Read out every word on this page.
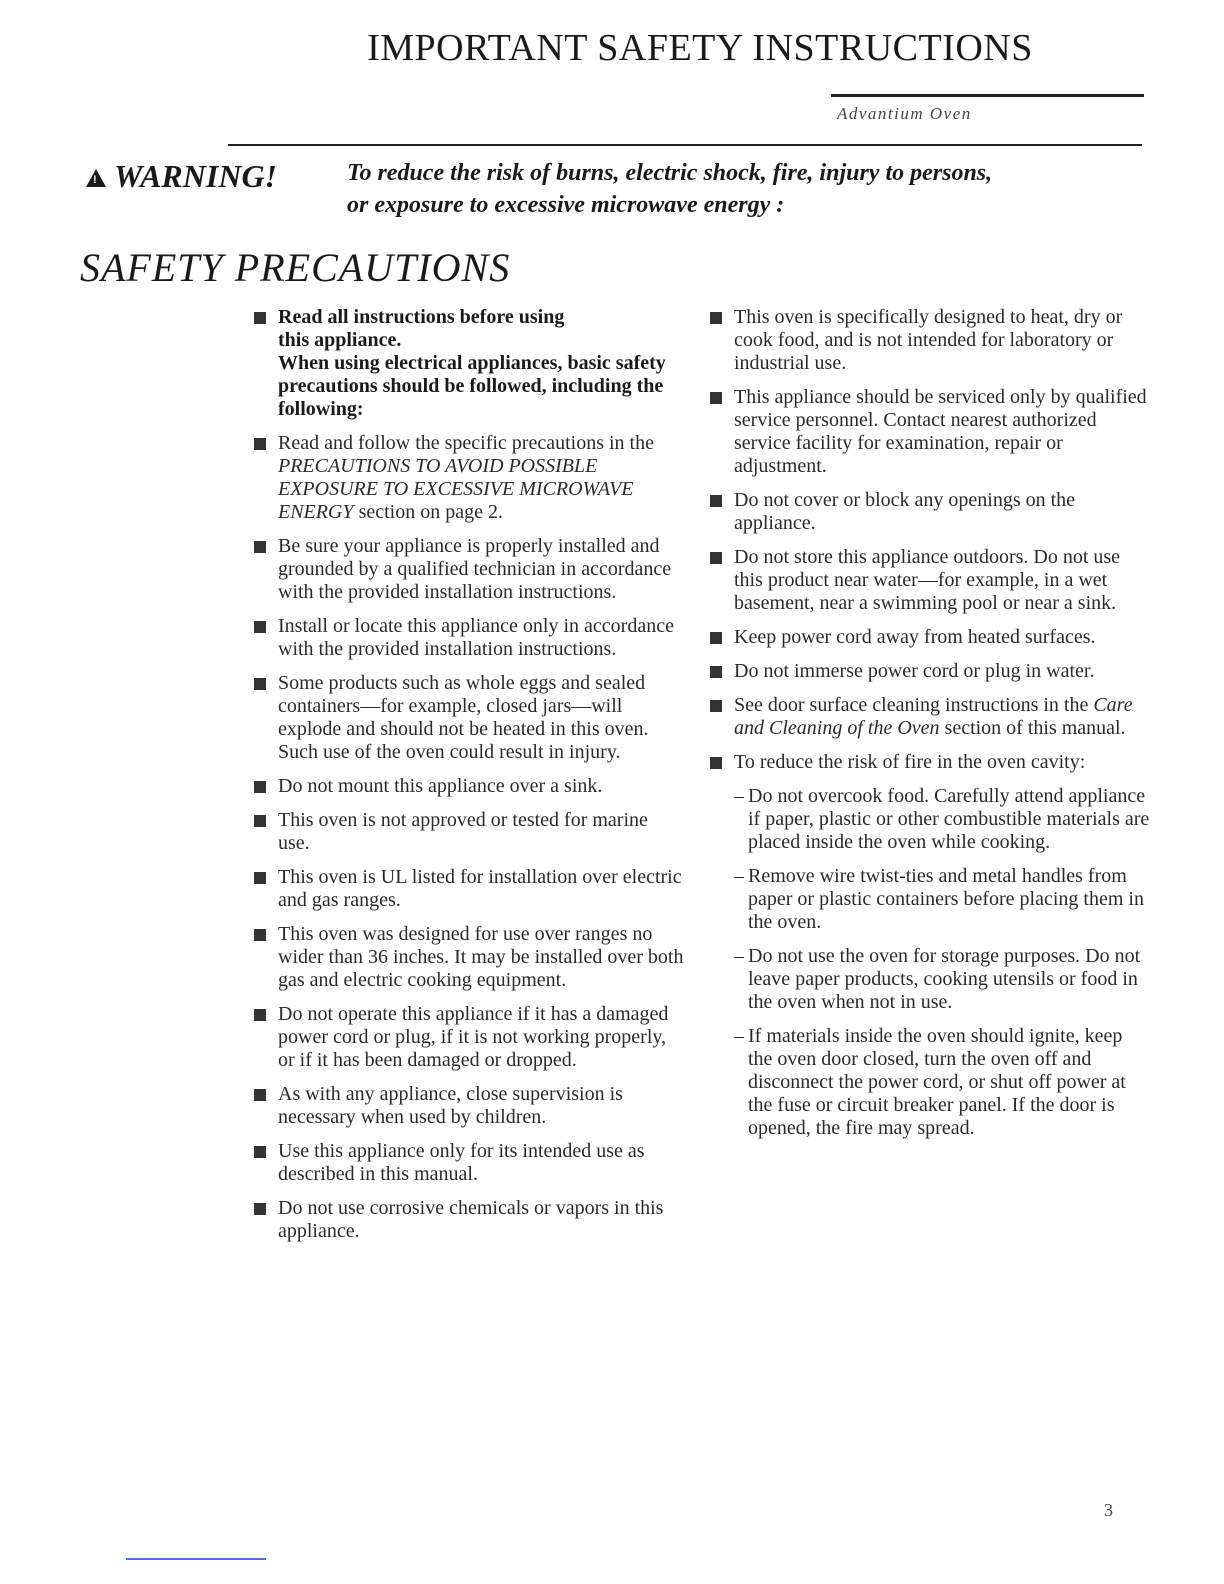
IMPORTANT SAFETY INSTRUCTIONS
Advantium Oven
!
WARNING!	To reduce the risk of burns, electric shock, fire, injury to persons,
or exposure to excessive microwave energy :
SAFETY PRECAUTIONS
Read all instructions before using
this appliance.
When using electrical appliances, basic safety precautions should be followed, including the following:
Read and follow the specific precautions in the PRECAUTIONS TO AVOID POSSIBLE EXPOSURE TO EXCESSIVE MICROWAVE ENERGY section on page 2.
Be sure your appliance is properly installed and grounded by a qualified technician in accordance with the provided installation instructions.
Install or locate this appliance only in accordance with the provided installation instructions.
Some products such as whole eggs and sealed containers—for example, closed jars—will explode and should not be heated in this oven. Such use of the oven could result in injury.
Do not mount this appliance over a sink.
This oven is not approved or tested for marine use.
This oven is UL listed for installation over electric and gas ranges.
This oven was designed for use over ranges no wider than 36 inches. It may be installed over both gas and electric cooking equipment.
Do not operate this appliance if it has a damaged power cord or plug, if it is not working properly, or if it has been damaged or dropped.
As with any appliance, close supervision is necessary when used by children.
Use this appliance only for its intended use as described in this manual.
Do not use corrosive chemicals or vapors in this appliance.
This oven is specifically designed to heat, dry or cook food, and is not intended for laboratory or industrial use.
This appliance should be serviced only by qualified service personnel. Contact nearest authorized service facility for examination, repair or adjustment.
Do not cover or block any openings on the appliance.
Do not store this appliance outdoors. Do not use this product near water—for example, in a wet basement, near a swimming pool or near a sink.
Keep power cord away from heated surfaces.
Do not immerse power cord or plug in water.
See door surface cleaning instructions in the Care and Cleaning of the Oven section of this manual.
To reduce the risk of fire in the oven cavity:
– Do not overcook food. Carefully attend appliance if paper, plastic or other combustible materials are placed inside the oven while cooking.
– Remove wire twist-ties and metal handles from paper or plastic containers before placing them in the oven.
– Do not use the oven for storage purposes. Do not leave paper products, cooking utensils or food in the oven when not in use.
– If materials inside the oven should ignite, keep the oven door closed, turn the oven off and disconnect the power cord, or shut off power at the fuse or circuit breaker panel. If the door is opened, the fire may spread.
3
